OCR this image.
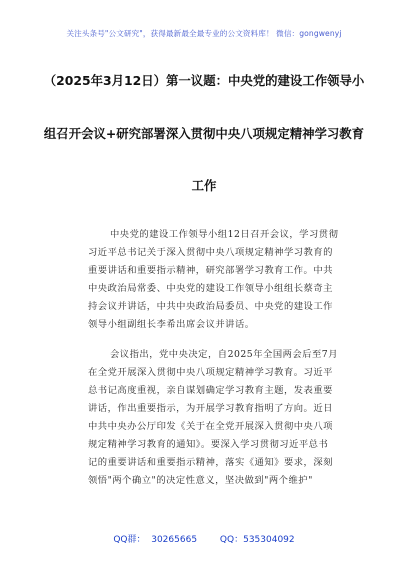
关注头条号"公文研究"，获得最新最全最专业的公文资料库！ 微信：gongwenyj
（2025年3月12日）第一议题：中央党的建设工作领导小
组召开会议+研究部署深入贯彻中央八项规定精神学习教育
工作
中央党的建设工作领导小组12日召开会议，学习贯彻
习近平总书记关于深入贯彻中央八项规定精神学习教育的
重要讲话和重要指示精神，研究部署学习教育工作。中共
中央政治局常委、中央党的建设工作领导小组组长蔡奇主
持会议并讲话，中共中央政治局委员、中央党的建设工作
领导小组副组长李希出席会议并讲话。
会议指出，党中央决定，自2025年全国两会后至7月
在全党开展深入贯彻中央八项规定精神学习教育。习近平
总书记高度重视，亲自谋划确定学习教育主题，发表重要
讲话，作出重要指示，为开展学习教育指明了方向。近日
中共中央办公厅印发《关于在全党开展深入贯彻中央八项
规定精神学习教育的通知》。要深入学习贯彻习近平总书
记的重要讲话和重要指示精神，落实《通知》要求，深刻
领悟"两个确立"的决定性意义，坚决做到"两个维护"
QQ群：  30265665        QQ：535304092
